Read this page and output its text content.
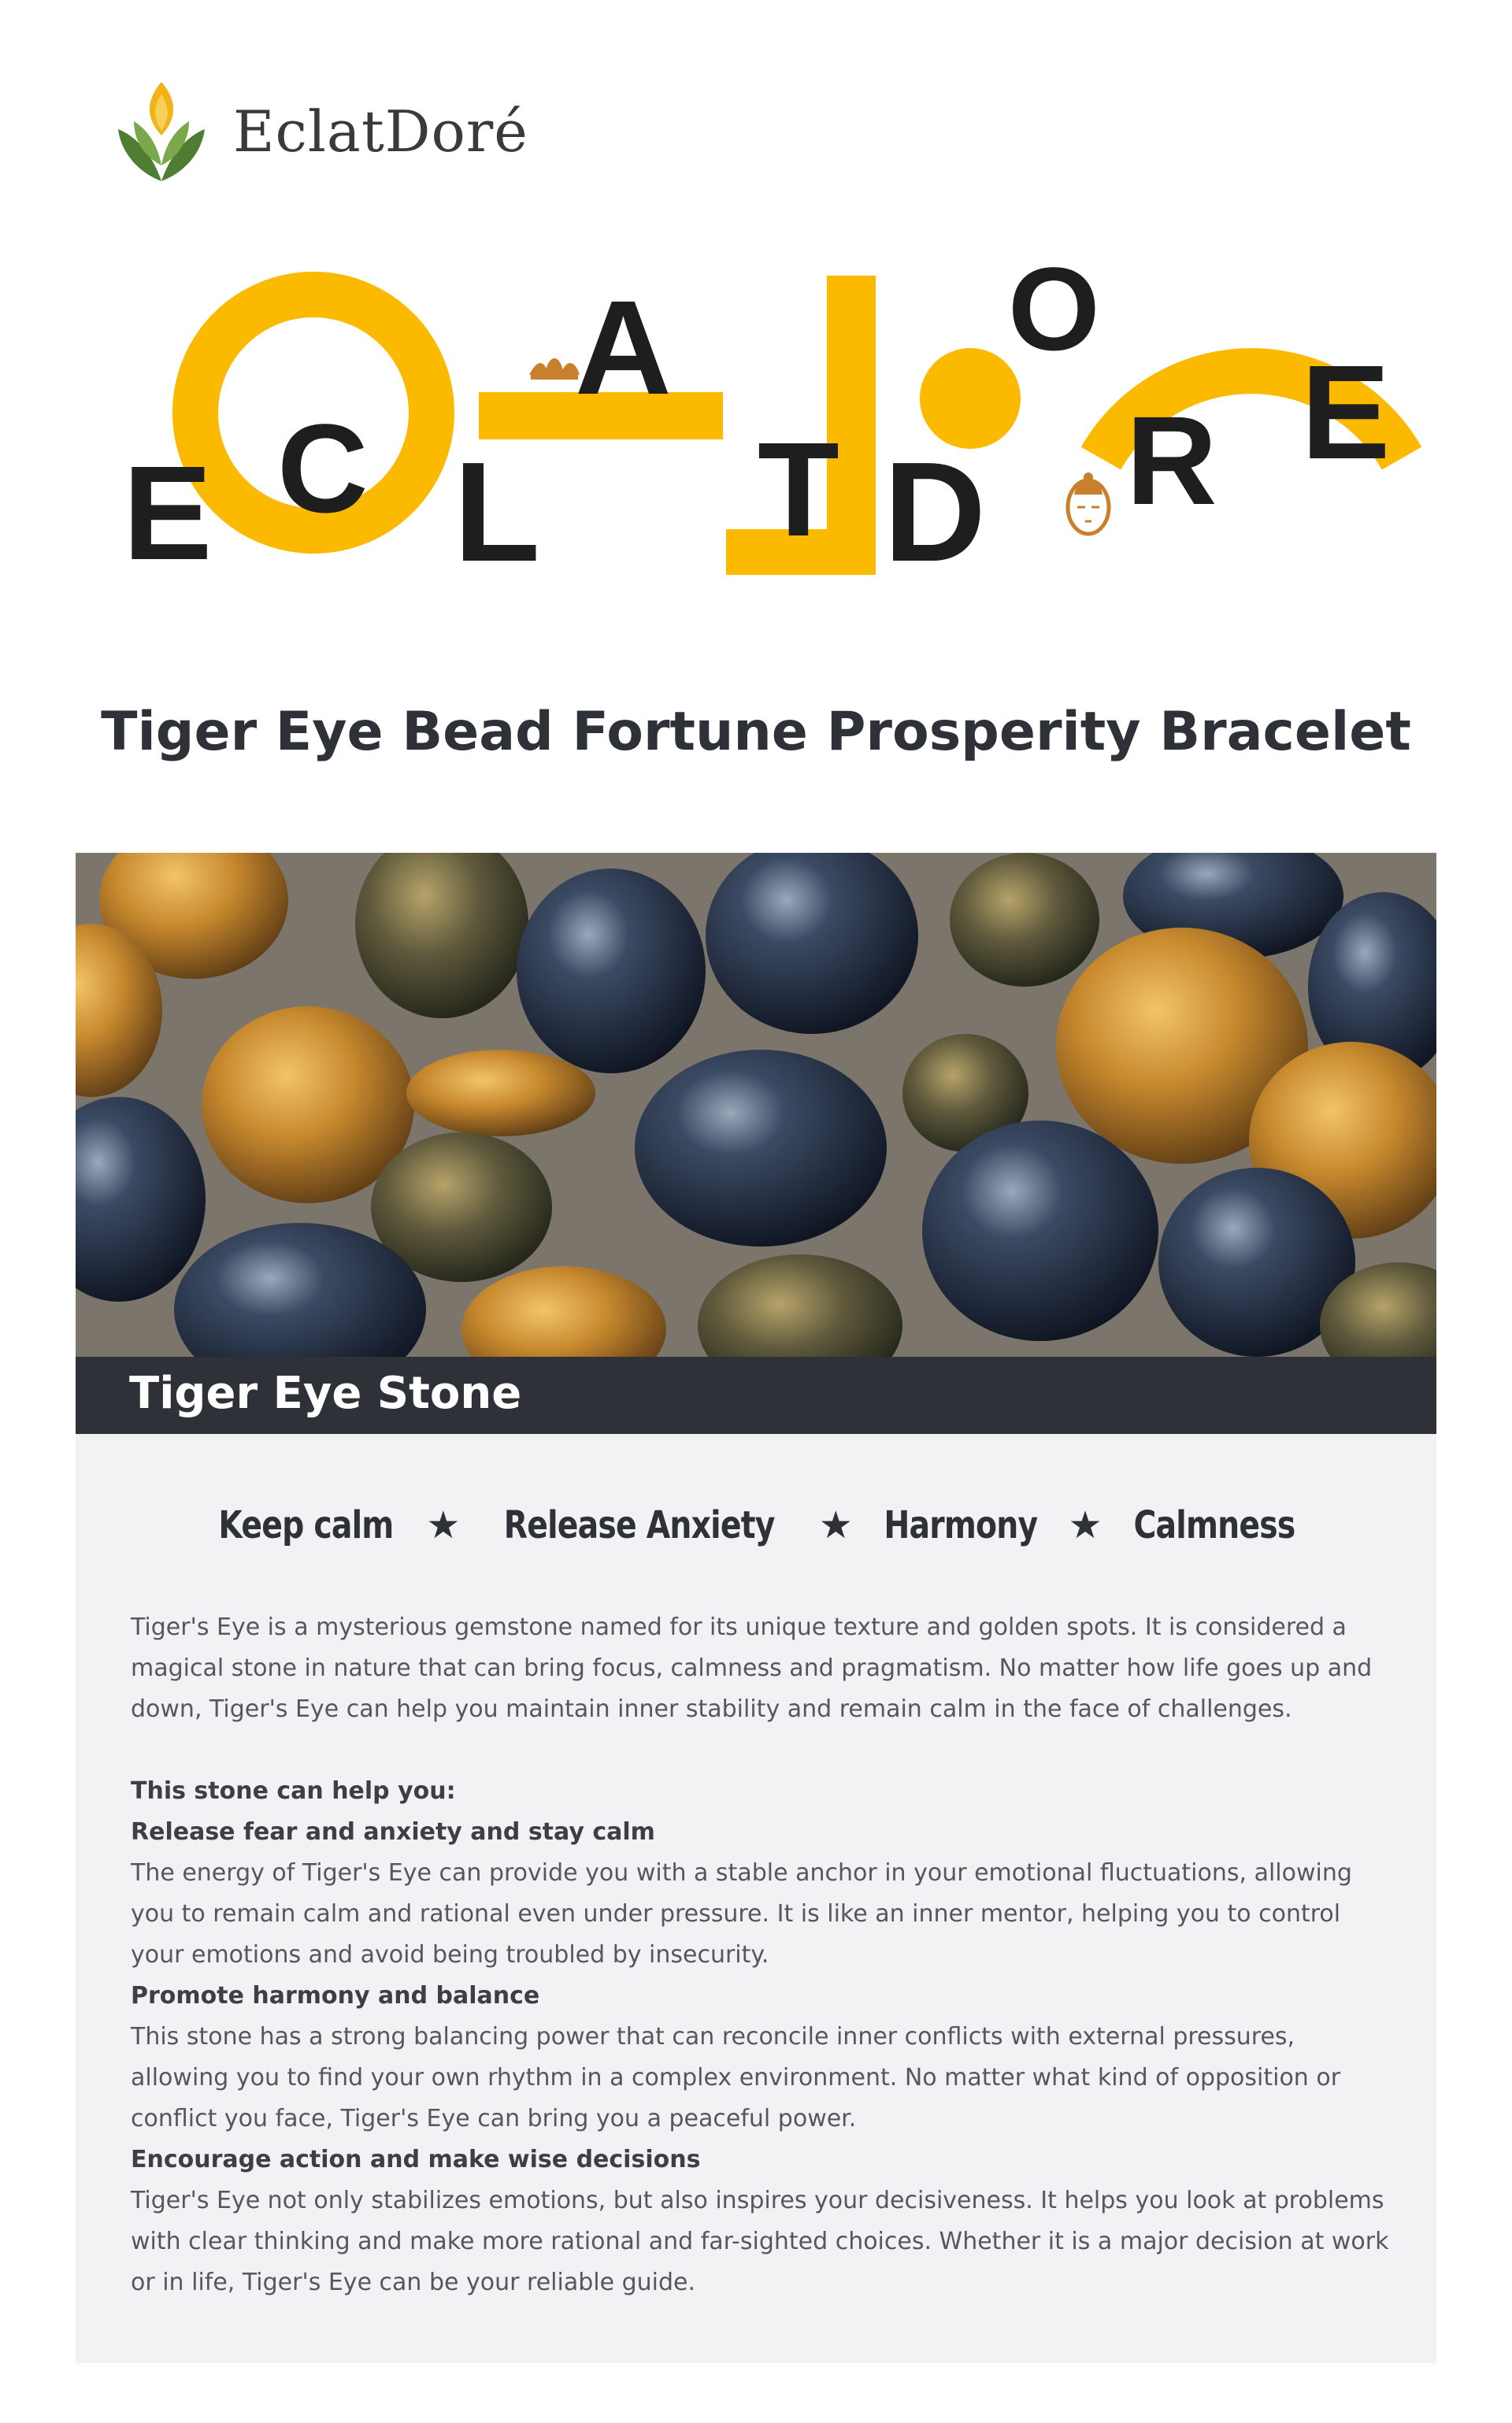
EclatDoré
E C L
A
T D
O
R E
Tiger Eye Bead Fortune Prosperity Bracelet
Tiger Eye Stone
Keep calm ★ Release Anxiety ★ Harmony ★ Calmness

Tiger's Eye is a mysterious gemstone named for its unique texture and golden spots. It is considered a magical stone in nature that can bring focus, calmness and pragmatism. No matter how life goes up and down, Tiger's Eye can help you maintain inner stability and remain calm in the face of challenges.

This stone can help you:

Release fear and anxiety and stay calm

The energy of Tiger's Eye can provide you with a stable anchor in your emotional fluctuations, allowing you to remain calm and rational even under pressure. It is like an inner mentor, helping you to control your emotions and avoid being troubled by insecurity.

Promote harmony and balance

This stone has a strong balancing power that can reconcile inner conflicts with external pressures, allowing you to find your own rhythm in a complex environment. No matter what kind of opposition or conflict you face, Tiger's Eye can bring you a peaceful power.

Encourage action and make wise decisions

Tiger's Eye not only stabilizes emotions, but also inspires your decisiveness. It helps you look at problems with clear thinking and make more rational and far-sighted choices. Whether it is a major decision at work or in life, Tiger's Eye can be your reliable guide.
